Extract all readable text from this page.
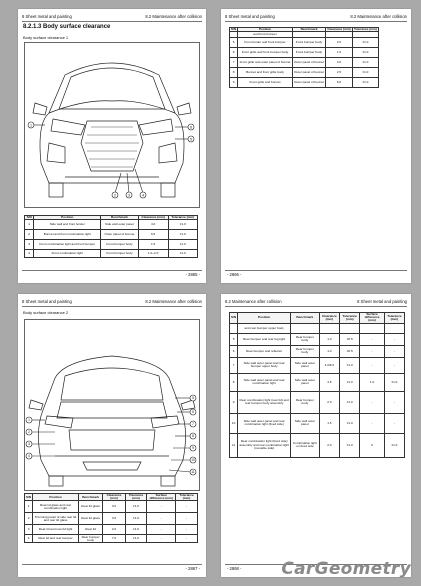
8 Sheet metal and painting	8.2 Maintenance after collision
8.2.1.3 Body surface clearance
Body surface clearance 1
1
2	3	4
5
6
S/N	Position	Benchmark	Clearance (mm)	Tolerance (mm)
1	Side wall and front fender	Side wall outer panel	4.0	±1.0
2	Bonnet and front combination light	Outer panel of bonnet	6.5	±1.0
3	Front combination light and front bumper	Front bumper body	1.5	±1.0
4	Front combination light	Front bumper body	1.0~2.0	±1.0
- 2865 -
8 Sheet metal and painting	8.2 Maintenance after collision
S/N	Position	Benchmark	Clearance (mm)	Tolerance (mm)
	and front bumper			
5	Front fender and front bumper	Front bumper body	2.0	±1.0
6	Front grille and front bumper body	Front bumper body	1.0	±1.0
7	Front grille and outer panel of bonnet	Outer panel of bonnet	4.0	±1.0
8	Bonnet and front grille body	Outer panel of bonnet	2.5	±1.0
9	Front grille and bonnet	Outer panel of bonnet	6.0	±1.0
- 2866 -
8 Sheet metal and painting	8.2 Maintenance after collision
Body surface clearance 2
1
2
3
4
5
6
7
8
9
10
11
S/N	Position	Benchmark	Clearance (mm)	Tolerance (mm)	Surface difference (mm)	Tolerance (mm)
1	Rear lid glass and rear combination light	Rear lid glass	3.0	±1.0	-	-
2	Trimming panel of side rear lid and rear lid glass	Rear lid glass	3.0	±1.0	-	-
3	Rear lid and rear lid light	Rear lid	2.0	±1.0	-	-
4	Rear lid and rear bumper	Rear bumper body	7.0	±1.0	-	-
- 2867 -
8.2 Maintenance after collision	8 Sheet metal and painting
S/N	Position	Benchmark	Clearance (mm)	Tolerance (mm)	Surface difference (mm)	Tolerance (mm)
	and rear bumper upper body					
5	Rear bumper and rear fog light	Rear bumper body	1.0	±0.5	-	-
6	Rear bumper and reflector	Rear bumper body	1.0	±0.5	-	-
7	Side wall outer panel and rear bumper upper body	Side wall outer panel	4.0/6.0	±1.0	-	-
8	Side wall outer panel and rear combination light	Side wall outer panel	4.5	±1.0	1.0	±1.0
9	Rear combination light (rear lid) and rear bumper body assembly	Rear bumper body	2.0	±1.0	-	-
10	Side wall outer panel and rear combination light (fixed side)	Side wall outer panel	1.5	±1.0	-	-
11	Rear combination light (fixed side) assembly and rear combination light (movable side)	Combination light on fixed side	2.0	±1.0	0	±1.0
- 2868 -	CarGeometry
